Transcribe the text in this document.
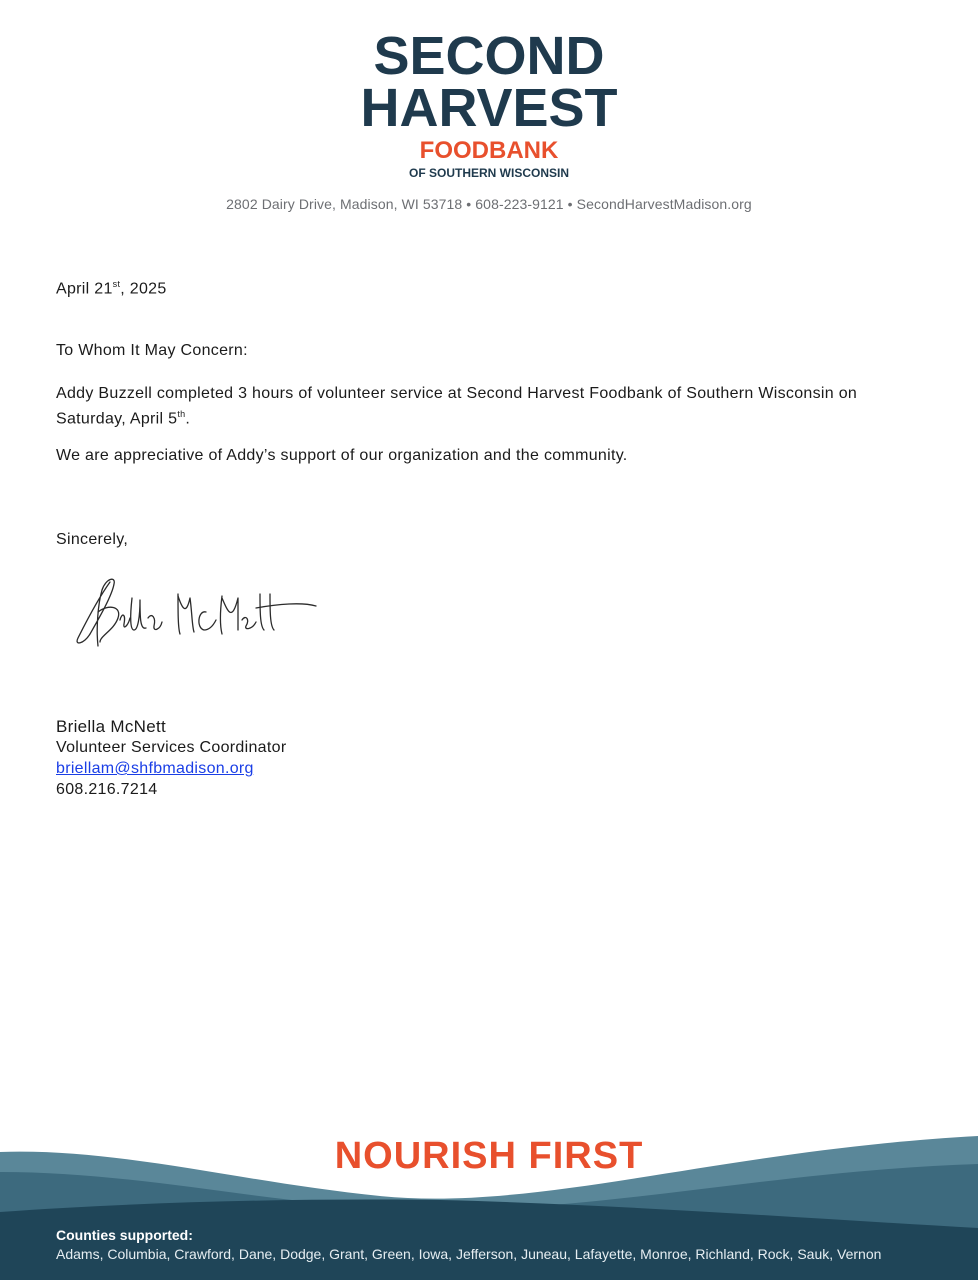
SECOND
HARVEST
FOODBANK
OF SOUTHERN WISCONSIN
2802 Dairy Drive, Madison, WI 53718 • 608-223-9121 • SecondHarvestMadison.org
April 21st, 2025
To Whom It May Concern:
Addy Buzzell completed 3 hours of volunteer service at Second Harvest Foodbank of Southern Wisconsin on Saturday, April 5th.
We are appreciative of Addy’s support of our organization and the community.
Sincerely,
Briella McNett
Briella McNett
Volunteer Services Coordinator
briellam@shfbmadison.org
608.216.7214
NOURISH FIRST
Counties supported:
Adams, Columbia, Crawford, Dane, Dodge, Grant, Green, Iowa, Jefferson, Juneau, Lafayette, Monroe, Richland, Rock, Sauk, Vernon
